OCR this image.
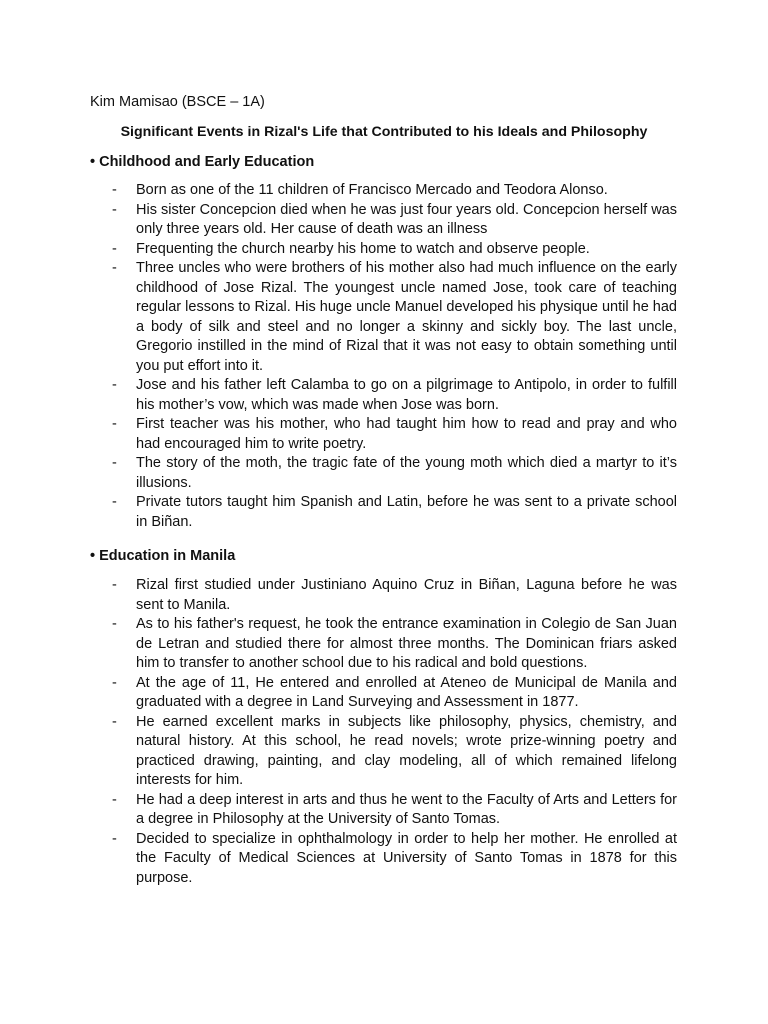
Kim Mamisao (BSCE – 1A)
Significant Events in Rizal's Life that Contributed to his Ideals and Philosophy
• Childhood and Early Education
- Born as one of the 11 children of Francisco Mercado and Teodora Alonso.
- His sister Concepcion died when he was just four years old. Concepcion herself was only three years old. Her cause of death was an illness
- Frequenting the church nearby his home to watch and observe people.
- Three uncles who were brothers of his mother also had much influence on the early childhood of Jose Rizal. The youngest uncle named Jose, took care of teaching regular lessons to Rizal. His huge uncle Manuel developed his physique until he had a body of silk and steel and no longer a skinny and sickly boy. The last uncle, Gregorio instilled in the mind of Rizal that it was not easy to obtain something until you put effort into it.
- Jose and his father left Calamba to go on a pilgrimage to Antipolo, in order to fulfill his mother’s vow, which was made when Jose was born.
- First teacher was his mother, who had taught him how to read and pray and who had encouraged him to write poetry.
- The story of the moth, the tragic fate of the young moth which died a martyr to it’s illusions.
- Private tutors taught him Spanish and Latin, before he was sent to a private school in Biñan.
• Education in Manila
- Rizal first studied under Justiniano Aquino Cruz in Biñan, Laguna before he was sent to Manila.
- As to his father's request, he took the entrance examination in Colegio de San Juan de Letran and studied there for almost three months. The Dominican friars asked him to transfer to another school due to his radical and bold questions.
- At the age of 11, He entered and enrolled at Ateneo de Municipal de Manila and graduated with a degree in Land Surveying and Assessment in 1877.
- He earned excellent marks in subjects like philosophy, physics, chemistry, and natural history. At this school, he read novels; wrote prize-winning poetry and practiced drawing, painting, and clay modeling, all of which remained lifelong interests for him.
- He had a deep interest in arts and thus he went to the Faculty of Arts and Letters for a degree in Philosophy at the University of Santo Tomas.
- Decided to specialize in ophthalmology in order to help her mother. He enrolled at the Faculty of Medical Sciences at University of Santo Tomas in 1878 for this purpose.
